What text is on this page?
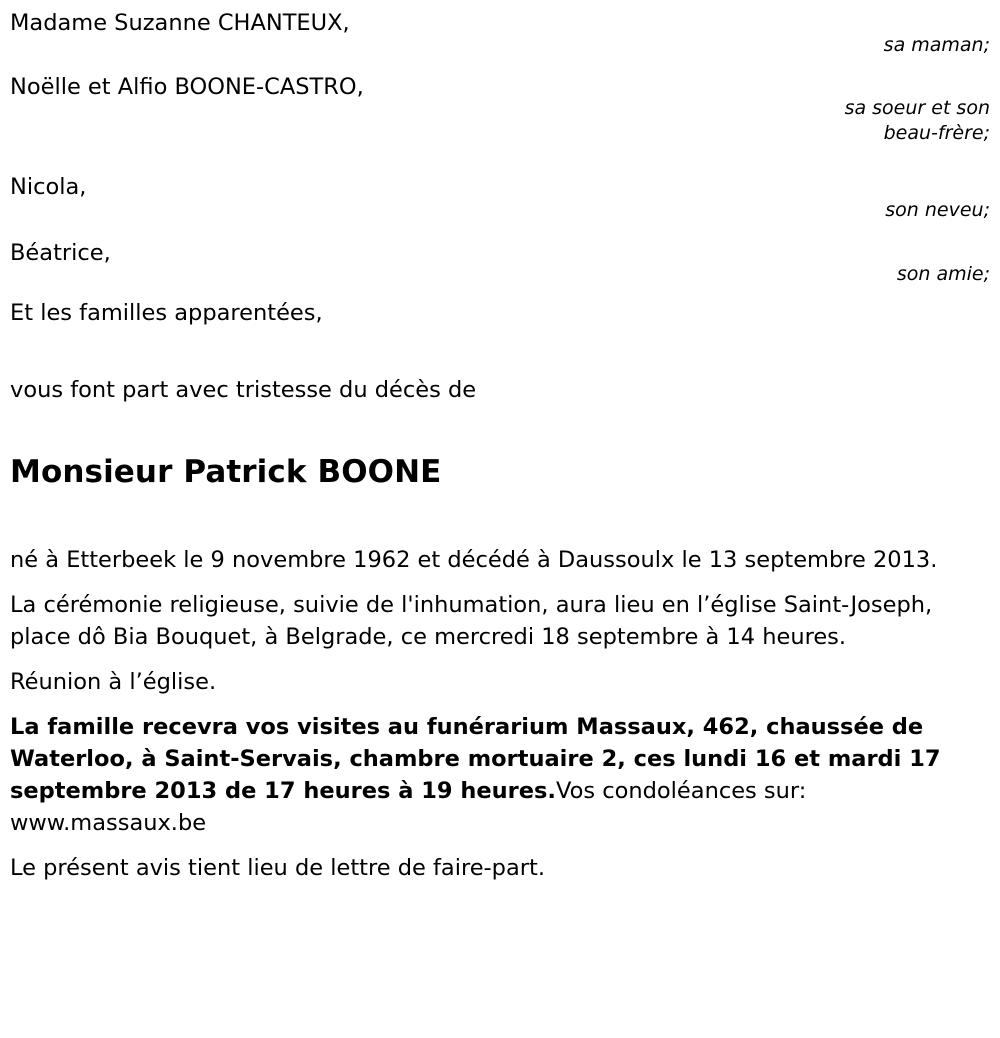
Madame Suzanne CHANTEUX,
sa maman;
Noëlle et Alfio BOONE-CASTRO,
sa soeur et son
beau-frère;
Nicola,
son neveu;
Béatrice,
son amie;
Et les familles apparentées,
vous font part avec tristesse du décès de
Monsieur Patrick BOONE

né à Etterbeek le 9 novembre 1962 et décédé à Daussoulx le 13 septembre 2013.

La cérémonie religieuse, suivie de l'inhumation, aura lieu en l’église Saint-Joseph, place dô Bia Bouquet, à Belgrade, ce mercredi 18 septembre à 14 heures.

Réunion à l’église.

La famille recevra vos visites au funérarium Massaux, 462, chaussée de Waterloo, à Saint-Servais, chambre mortuaire 2, ces lundi 16 et mardi 17 septembre 2013 de 17 heures à 19 heures.Vos condoléances sur: www.massaux.be

Le présent avis tient lieu de lettre de faire-part.
